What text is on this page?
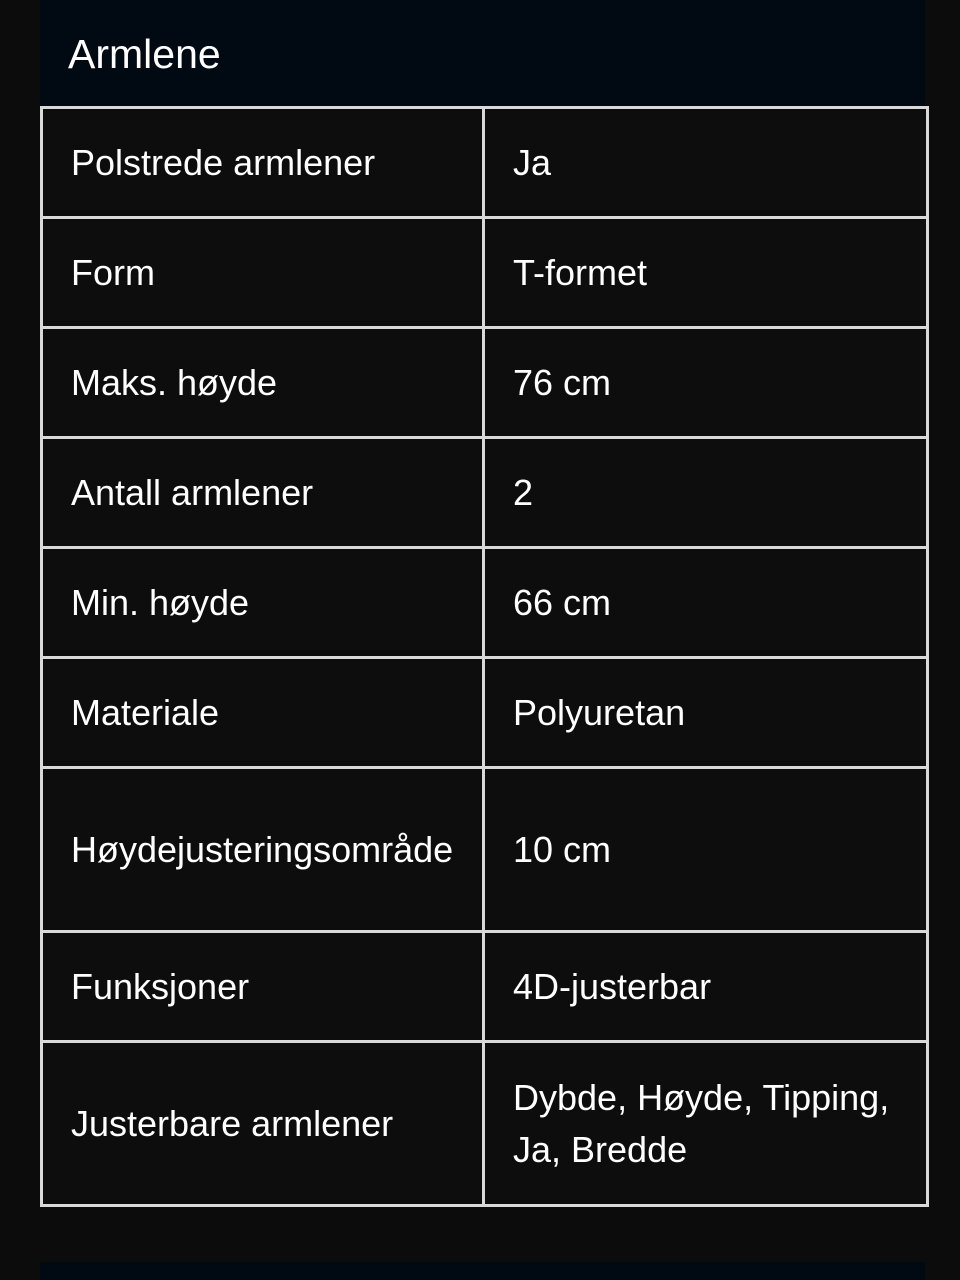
Armlene
Polstrede armlener	Ja
Form	T-formet
Maks. høyde	76 cm
Antall armlener	2
Min. høyde	66 cm
Materiale	Polyuretan
Høydejusteringsområde	10 cm
Funksjoner	4D-justerbar
Justerbare armlener	Dybde, Høyde, Tipping, Ja, Bredde
